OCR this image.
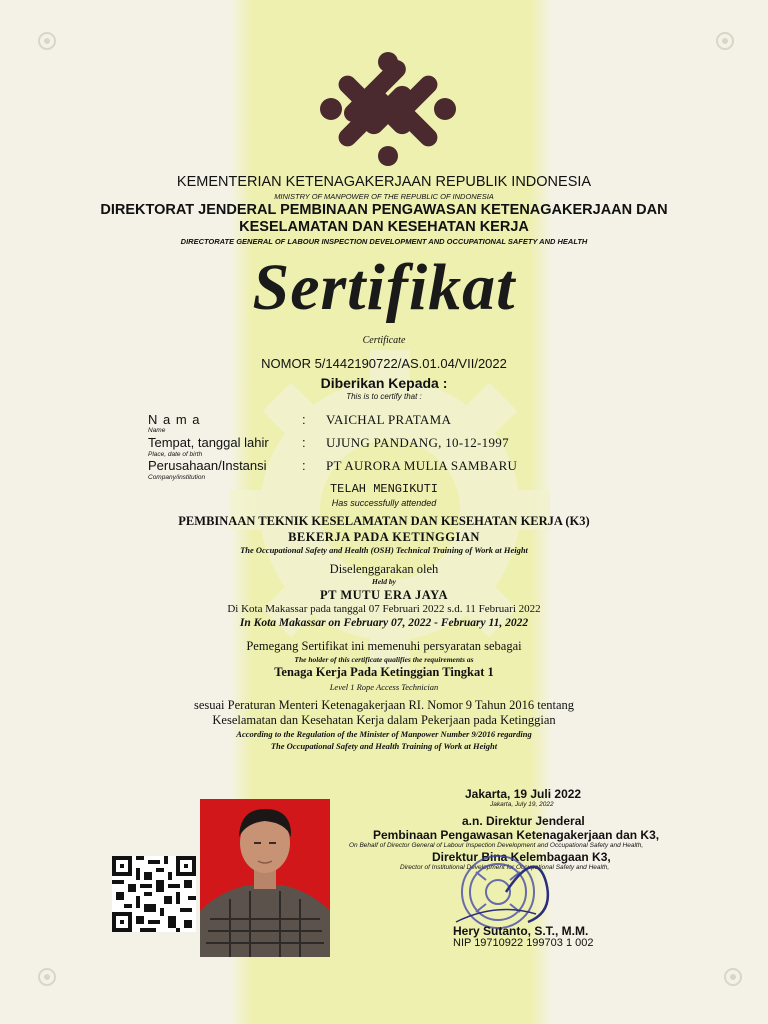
KEMENTERIAN KETENAGAKERJAAN REPUBLIK INDONESIA
MINISTRY OF MANPOWER OF THE REPUBLIC OF INDONESIA
DIREKTORAT JENDERAL PEMBINAAN PENGAWASAN KETENAGAKERJAAN DAN
KESELAMATAN DAN KESEHATAN KERJA
DIRECTORATE GENERAL OF LABOUR INSPECTION DEVELOPMENT AND OCCUPATIONAL SAFETY AND HEALTH
Sertifikat
Certificate
NOMOR 5/1442190722/AS.01.04/VII/2022
Diberikan Kepada :
This is to certify that :
N a m a
Name
: VAICHAL PRATAMA
Tempat, tanggal lahir
Place, date of birth
: UJUNG PANDANG, 10-12-1997
Perusahaan/Instansi
Company/institution
: PT AURORA MULIA SAMBARU
TELAH MENGIKUTI
Has successfully attended
PEMBINAAN TEKNIK KESELAMATAN DAN KESEHATAN KERJA (K3)
BEKERJA PADA KETINGGIAN
The Occupational Safety and Health (OSH) Technical Training of Work at Height
Diselenggarakan oleh
Held by
PT MUTU ERA JAYA
Di Kota Makassar pada tanggal 07 Februari 2022 s.d. 11 Februari 2022
In Kota Makassar on February 07, 2022 - February 11, 2022
Pemegang Sertifikat ini memenuhi persyaratan sebagai
The holder of this certificate qualifies the requirements as
Tenaga Kerja Pada Ketinggian Tingkat 1
Level 1 Rope Access Technician
sesuai Peraturan Menteri Ketenagakerjaan RI. Nomor 9 Tahun 2016 tentang
Keselamatan dan Kesehatan Kerja dalam Pekerjaan pada Ketinggian
According to the Regulation of the Minister of Manpower Number 9/2016 regarding
The Occupational Safety and Health Training of Work at Height
Jakarta, 19 Juli 2022
Jakarta, July 19, 2022
a.n. Direktur Jenderal
Pembinaan Pengawasan Ketenagakerjaan dan K3,
On Behalf of Director General of Labour Inspection Development and Occupational Safety and Health,
Direktur Bina Kelembagaan K3,
Director of Institutional Development for Occupational Safety and Health,
Hery Sutanto, S.T., M.M.
NIP 19710922 199703 1 002
